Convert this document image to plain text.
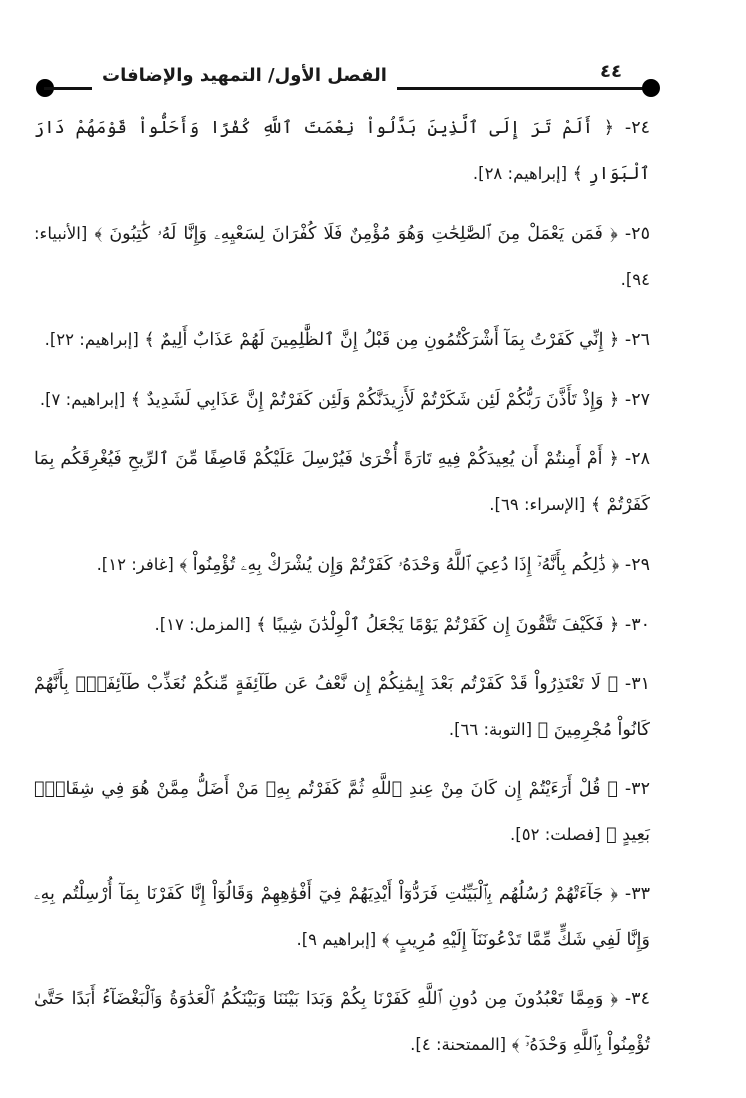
الفصل الأول/ التمهيد والإضافات	٤٤

٢٤- ﴿ أَلَمْ تَرَ إِلَى ٱلَّذِينَ بَدَّلُواْ نِعْمَتَ ٱللَّهِ كُفْرًا وَأَحَلُّواْ قَوْمَهُمْ دَارَ ٱلْبَوَارِ ﴾ [إبراهيم: ٢٨].

٢٥- ﴿ فَمَن يَعْمَلْ مِنَ ٱلصَّٰلِحَٰتِ وَهُوَ مُؤْمِنٌ فَلَا كُفْرَانَ لِسَعْيِهِۦ وَإِنَّا لَهُۥ كَٰتِبُونَ ﴾ [الأنبياء: ٩٤].

٢٦- ﴿ إِنِّي كَفَرْتُ بِمَآ أَشْرَكْتُمُونِ مِن قَبْلُ إِنَّ ٱلظَّٰلِمِينَ لَهُمْ عَذَابٌ أَلِيمٌ ﴾ [إبراهيم: ٢٢].

٢٧- ﴿ وَإِذْ تَأَذَّنَ رَبُّكُمْ لَئِن شَكَرْتُمْ لَأَزِيدَنَّكُمْ وَلَئِن كَفَرْتُمْ إِنَّ عَذَابِي لَشَدِيدٌ ﴾ [إبراهيم: ٧].

٢٨- ﴿ أَمْ أَمِنتُمْ أَن يُعِيدَكُمْ فِيهِ تَارَةً أُخْرَىٰ فَيُرْسِلَ عَلَيْكُمْ قَاصِفًا مِّنَ ٱلرِّيحِ فَيُغْرِقَكُم بِمَا كَفَرْتُمْ ﴾ [الإسراء: ٦٩].

٢٩- ﴿ ذَٰلِكُم بِأَنَّهُۥٓ إِذَا دُعِيَ ٱللَّهُ وَحْدَهُۥ كَفَرْتُمْ وَإِن يُشْرَكْ بِهِۦ تُؤْمِنُواْ ﴾ [غافر: ١٢].

٣٠- ﴿ فَكَيْفَ تَتَّقُونَ إِن كَفَرْتُمْ يَوْمًا يَجْعَلُ ٱلْوِلْدَٰنَ شِيبًا ﴾ [المزمل: ١٧].

٣١- ﴿ لَا تَعْتَذِرُواْ قَدْ كَفَرْتُم بَعْدَ إِيمَٰنِكُمْ إِن نَّعْفُ عَن طَآئِفَةٍ مِّنكُمْ نُعَذِّبْ طَآئِفَةًۢ بِأَنَّهُمْ كَانُواْ مُجْرِمِينَ ﴾ [التوبة: ٦٦].

٣٢- ﴿ قُلْ أَرَءَيْتُمْ إِن كَانَ مِنْ عِندِ ٱللَّهِ ثُمَّ كَفَرْتُم بِهِۦ مَنْ أَضَلُّ مِمَّنْ هُوَ فِي شِقَاقٍۭ بَعِيدٍ ﴾ [فصلت: ٥٢].

٣٣- ﴿ جَآءَتْهُمْ رُسُلُهُم بِٱلْبَيِّنَٰتِ فَرَدُّوٓاْ أَيْدِيَهُمْ فِيٓ أَفْوَٰهِهِمْ وَقَالُوٓاْ إِنَّا كَفَرْنَا بِمَآ أُرْسِلْتُم بِهِۦ وَإِنَّا لَفِي شَكٍّ مِّمَّا تَدْعُونَنَآ إِلَيْهِ مُرِيبٍ ﴾ [إبراهيم ٩].

٣٤- ﴿ وَمِمَّا تَعْبُدُونَ مِن دُونِ ٱللَّهِ كَفَرْنَا بِكُمْ وَبَدَا بَيْنَنَا وَبَيْنَكُمُ ٱلْعَدَٰوَةُ وَٱلْبَغْضَآءُ أَبَدًا حَتَّىٰ تُؤْمِنُواْ بِٱللَّهِ وَحْدَهُۥٓ ﴾ [الممتحنة: ٤].
